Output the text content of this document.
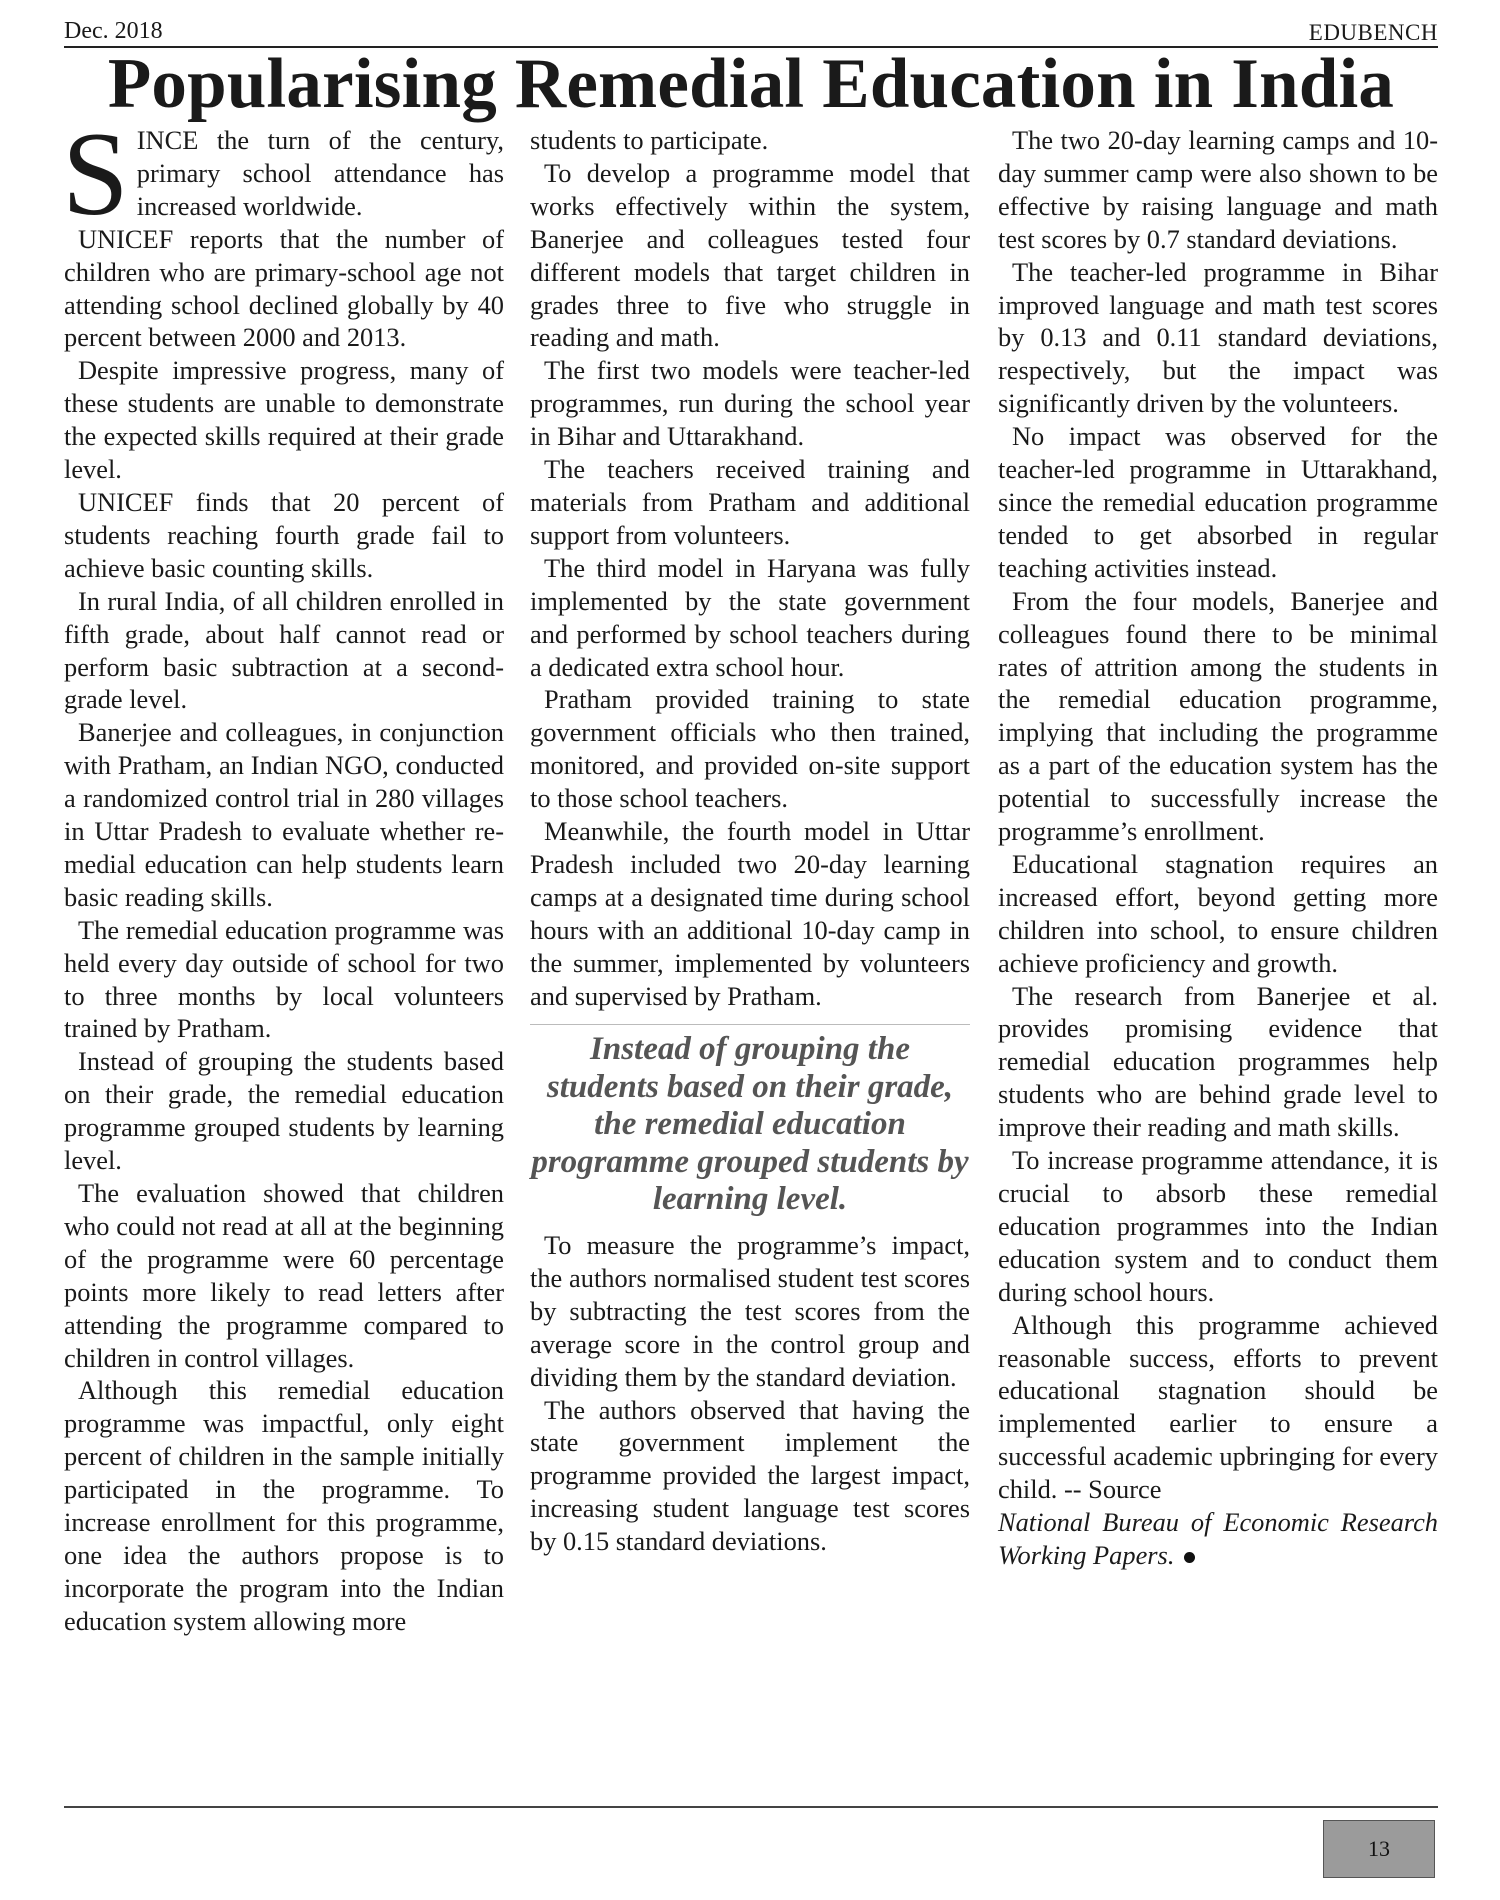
Dec. 2018	EDUBENCH
Popularising Remedial Education in India

SINCE the turn of the century, primary school attendance has increased worldwide.

UNICEF reports that the number of children who are primary-school age not attending school declined globally by 40 percent between 2000 and 2013.

Despite impressive progress, many of these students are unable to demonstrate the expected skills required at their grade level.

UNICEF finds that 20 percent of students reaching fourth grade fail to achieve basic counting skills.

In rural India, of all children enrolled in fifth grade, about half cannot read or perform basic subtraction at a second-grade level.

Banerjee and colleagues, in conjunction with Pratham, an Indian NGO, conducted a randomized control trial in 280 villages in Uttar Pradesh to evaluate whether remedial education can help students learn basic reading skills.

The remedial education programme was held every day outside of school for two to three months by local volunteers trained by Pratham.

Instead of grouping the students based on their grade, the remedial education programme grouped students by learning level.

The evaluation showed that children who could not read at all at the beginning of the programme were 60 percentage points more likely to read letters after attending the programme compared to children in control villages.

Although this remedial education programme was impactful, only eight percent of children in the sample initially participated in the programme. To increase enrollment for this programme, one idea the authors propose is to incorporate the program into the Indian education system allowing more

students to participate.

To develop a programme model that works effectively within the system, Banerjee and colleagues tested four different models that target children in grades three to five who struggle in reading and math.

The first two models were teacher-led programmes, run during the school year in Bihar and Uttarakhand.

The teachers received training and materials from Pratham and additional support from volunteers.

The third model in Haryana was fully implemented by the state government and performed by school teachers during a dedicated extra school hour.

Pratham provided training to state government officials who then trained, monitored, and provided on-site support to those school teachers.

Meanwhile, the fourth model in Uttar Pradesh included two 20-day learning camps at a designated time during school hours with an additional 10-day camp in the summer, implemented by volunteers and supervised by Pratham.

Instead of grouping the students based on their grade, the remedial education programme grouped students by learning level.

To measure the programme’s impact, the authors normalised student test scores by subtracting the test scores from the average score in the control group and dividing them by the standard deviation.

The authors observed that having the state government implement the programme provided the largest impact, increasing student language test scores by 0.15 standard deviations.

The two 20-day learning camps and 10-day summer camp were also shown to be effective by raising language and math test scores by 0.7 standard deviations.

The teacher-led programme in Bihar improved language and math test scores by 0.13 and 0.11 standard deviations, respectively, but the impact was significantly driven by the volunteers.

No impact was observed for the teacher-led programme in Uttarakhand, since the remedial education programme tended to get absorbed in regular teaching activities instead.

From the four models, Banerjee and colleagues found there to be minimal rates of attrition among the students in the remedial education programme, implying that including the programme as a part of the education system has the potential to successfully increase the programme’s enrollment.

Educational stagnation requires an increased effort, beyond getting more children into school, to ensure children achieve proficiency and growth.

The research from Banerjee et al. provides promising evidence that remedial education programmes help students who are behind grade level to improve their reading and math skills.

To increase programme attendance, it is crucial to absorb these remedial education programmes into the Indian education system and to conduct them during school hours.

Although this programme achieved reasonable success, efforts to prevent educational stagnation should be implemented earlier to ensure a successful academic upbringing for every child. -- Source

National Bureau of Economic Research Working Papers.

13
